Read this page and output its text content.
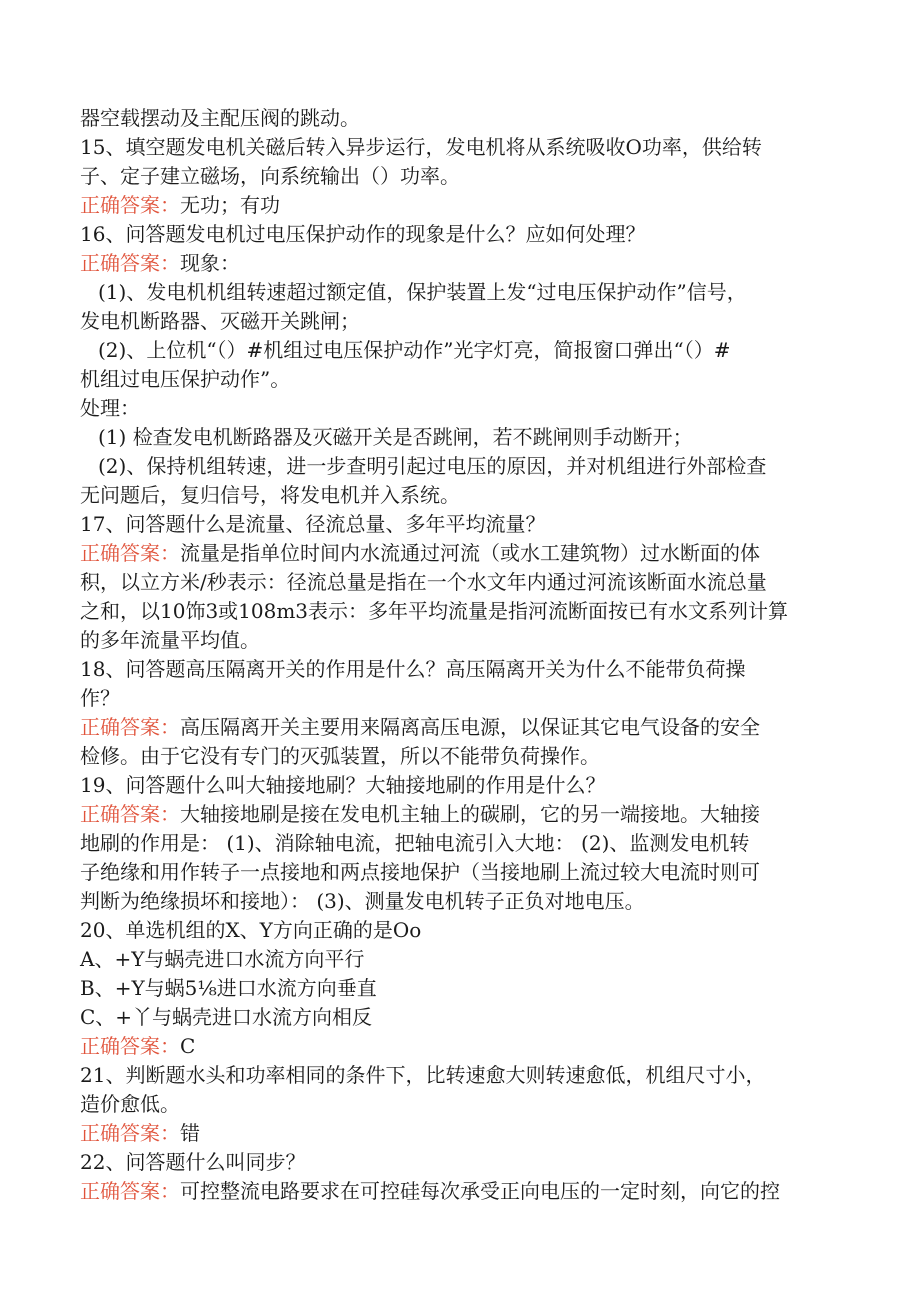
器空载摆动及主配压阀的跳动。

15、填空题发电机关磁后转入异步运行，发电机将从系统吸收O功率，供给转

子、定子建立磁场，向系统输出（）功率。

正确答案：无功；有功

16、问答题发电机过电压保护动作的现象是什么？应如何处理？

正确答案：现象：

(1)、发电机机组转速超过额定值，保护装置上发“过电压保护动作”信号，

发电机断路器、灭磁开关跳闸；

(2)、上位机“（）#机组过电压保护动作”光字灯亮，简报窗口弹出“（）#

机组过电压保护动作”。

处理：

(1) 检查发电机断路器及灭磁开关是否跳闸，若不跳闸则手动断开；

(2)、保持机组转速，进一步查明引起过电压的原因，并对机组进行外部检查

无问题后，复归信号，将发电机并入系统。

17、问答题什么是流量、径流总量、多年平均流量？

正确答案：流量是指单位时间内水流通过河流（或水工建筑物）过水断面的体

积，以立方米/秒表示：径流总量是指在一个水文年内通过河流该断面水流总量

之和，以10饰3或108m3表示：多年平均流量是指河流断面按已有水文系列计算

的多年流量平均值。

18、问答题高压隔离开关的作用是什么？高压隔离开关为什么不能带负荷操

作？

正确答案：高压隔离开关主要用来隔离高压电源，以保证其它电气设备的安全

检修。由于它没有专门的灭弧装置，所以不能带负荷操作。

19、问答题什么叫大轴接地刷？大轴接地刷的作用是什么？

正确答案：大轴接地刷是接在发电机主轴上的碳刷，它的另一端接地。大轴接

地刷的作用是： (1)、消除轴电流，把轴电流引入大地： (2)、监测发电机转

子绝缘和用作转子一点接地和两点接地保护（当接地刷上流过较大电流时则可

判断为绝缘损坏和接地）： (3)、测量发电机转子正负对地电压。

20、单选机组的X、Y方向正确的是Oo

A、+Y与蜗壳进口水流方向平行

B、+Y与蜗5⅛进口水流方向垂直

C、+丫与蜗壳进口水流方向相反

正确答案：C

21、判断题水头和功率相同的条件下，比转速愈大则转速愈低，机组尺寸小，

造价愈低。

正确答案：错

22、问答题什么叫同步？

正确答案：可控整流电路要求在可控硅每次承受正向电压的一定时刻，向它的控
